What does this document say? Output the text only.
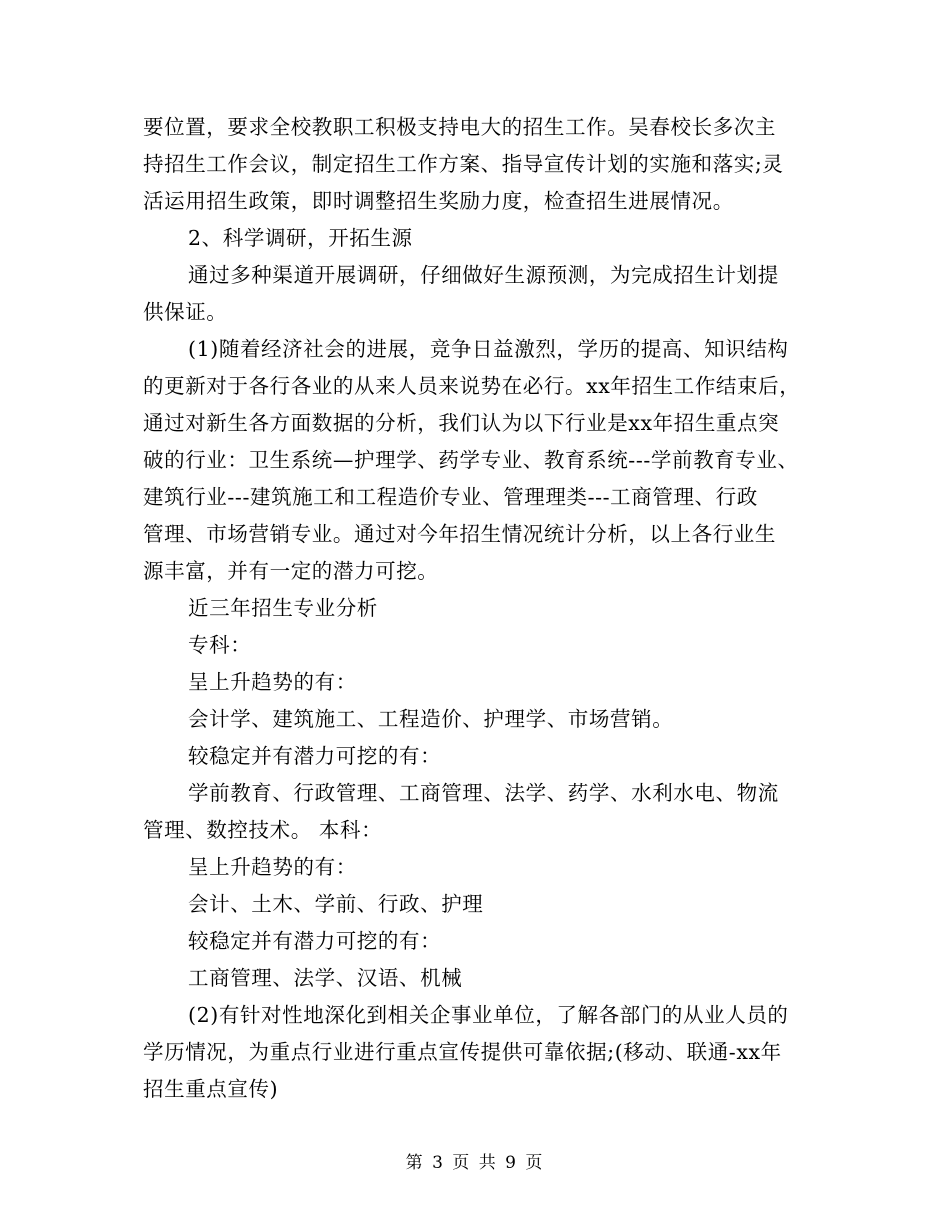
要位置，要求全校教职工积极支持电大的招生工作。吴春校长多次主
持招生工作会议，制定招生工作方案、指导宣传计划的实施和落实;灵
活运用招生政策，即时调整招生奖励力度，检查招生进展情况。
2、科学调研，开拓生源
通过多种渠道开展调研，仔细做好生源预测，为完成招生计划提
供保证。
(1)随着经济社会的进展，竞争日益激烈，学历的提高、知识结构
的更新对于各行各业的从来人员来说势在必行。xx年招生工作结束后，
通过对新生各方面数据的分析，我们认为以下行业是xx年招生重点突
破的行业：卫生系统—护理学、药学专业、教育系统---学前教育专业、
建筑行业---建筑施工和工程造价专业、管理理类---工商管理、行政
管理、市场营销专业。通过对今年招生情况统计分析，以上各行业生
源丰富，并有一定的潜力可挖。
近三年招生专业分析
专科：
呈上升趋势的有：
会计学、建筑施工、工程造价、护理学、市场营销。
较稳定并有潜力可挖的有：
学前教育、行政管理、工商管理、法学、药学、水利水电、物流
管理、数控技术。 本科：
呈上升趋势的有：
会计、土木、学前、行政、护理
较稳定并有潜力可挖的有：
工商管理、法学、汉语、机械
(2)有针对性地深化到相关企事业单位，了解各部门的从业人员的
学历情况，为重点行业进行重点宣传提供可靠依据;(移动、联通-xx年
招生重点宣传)
第 3 页 共 9 页
